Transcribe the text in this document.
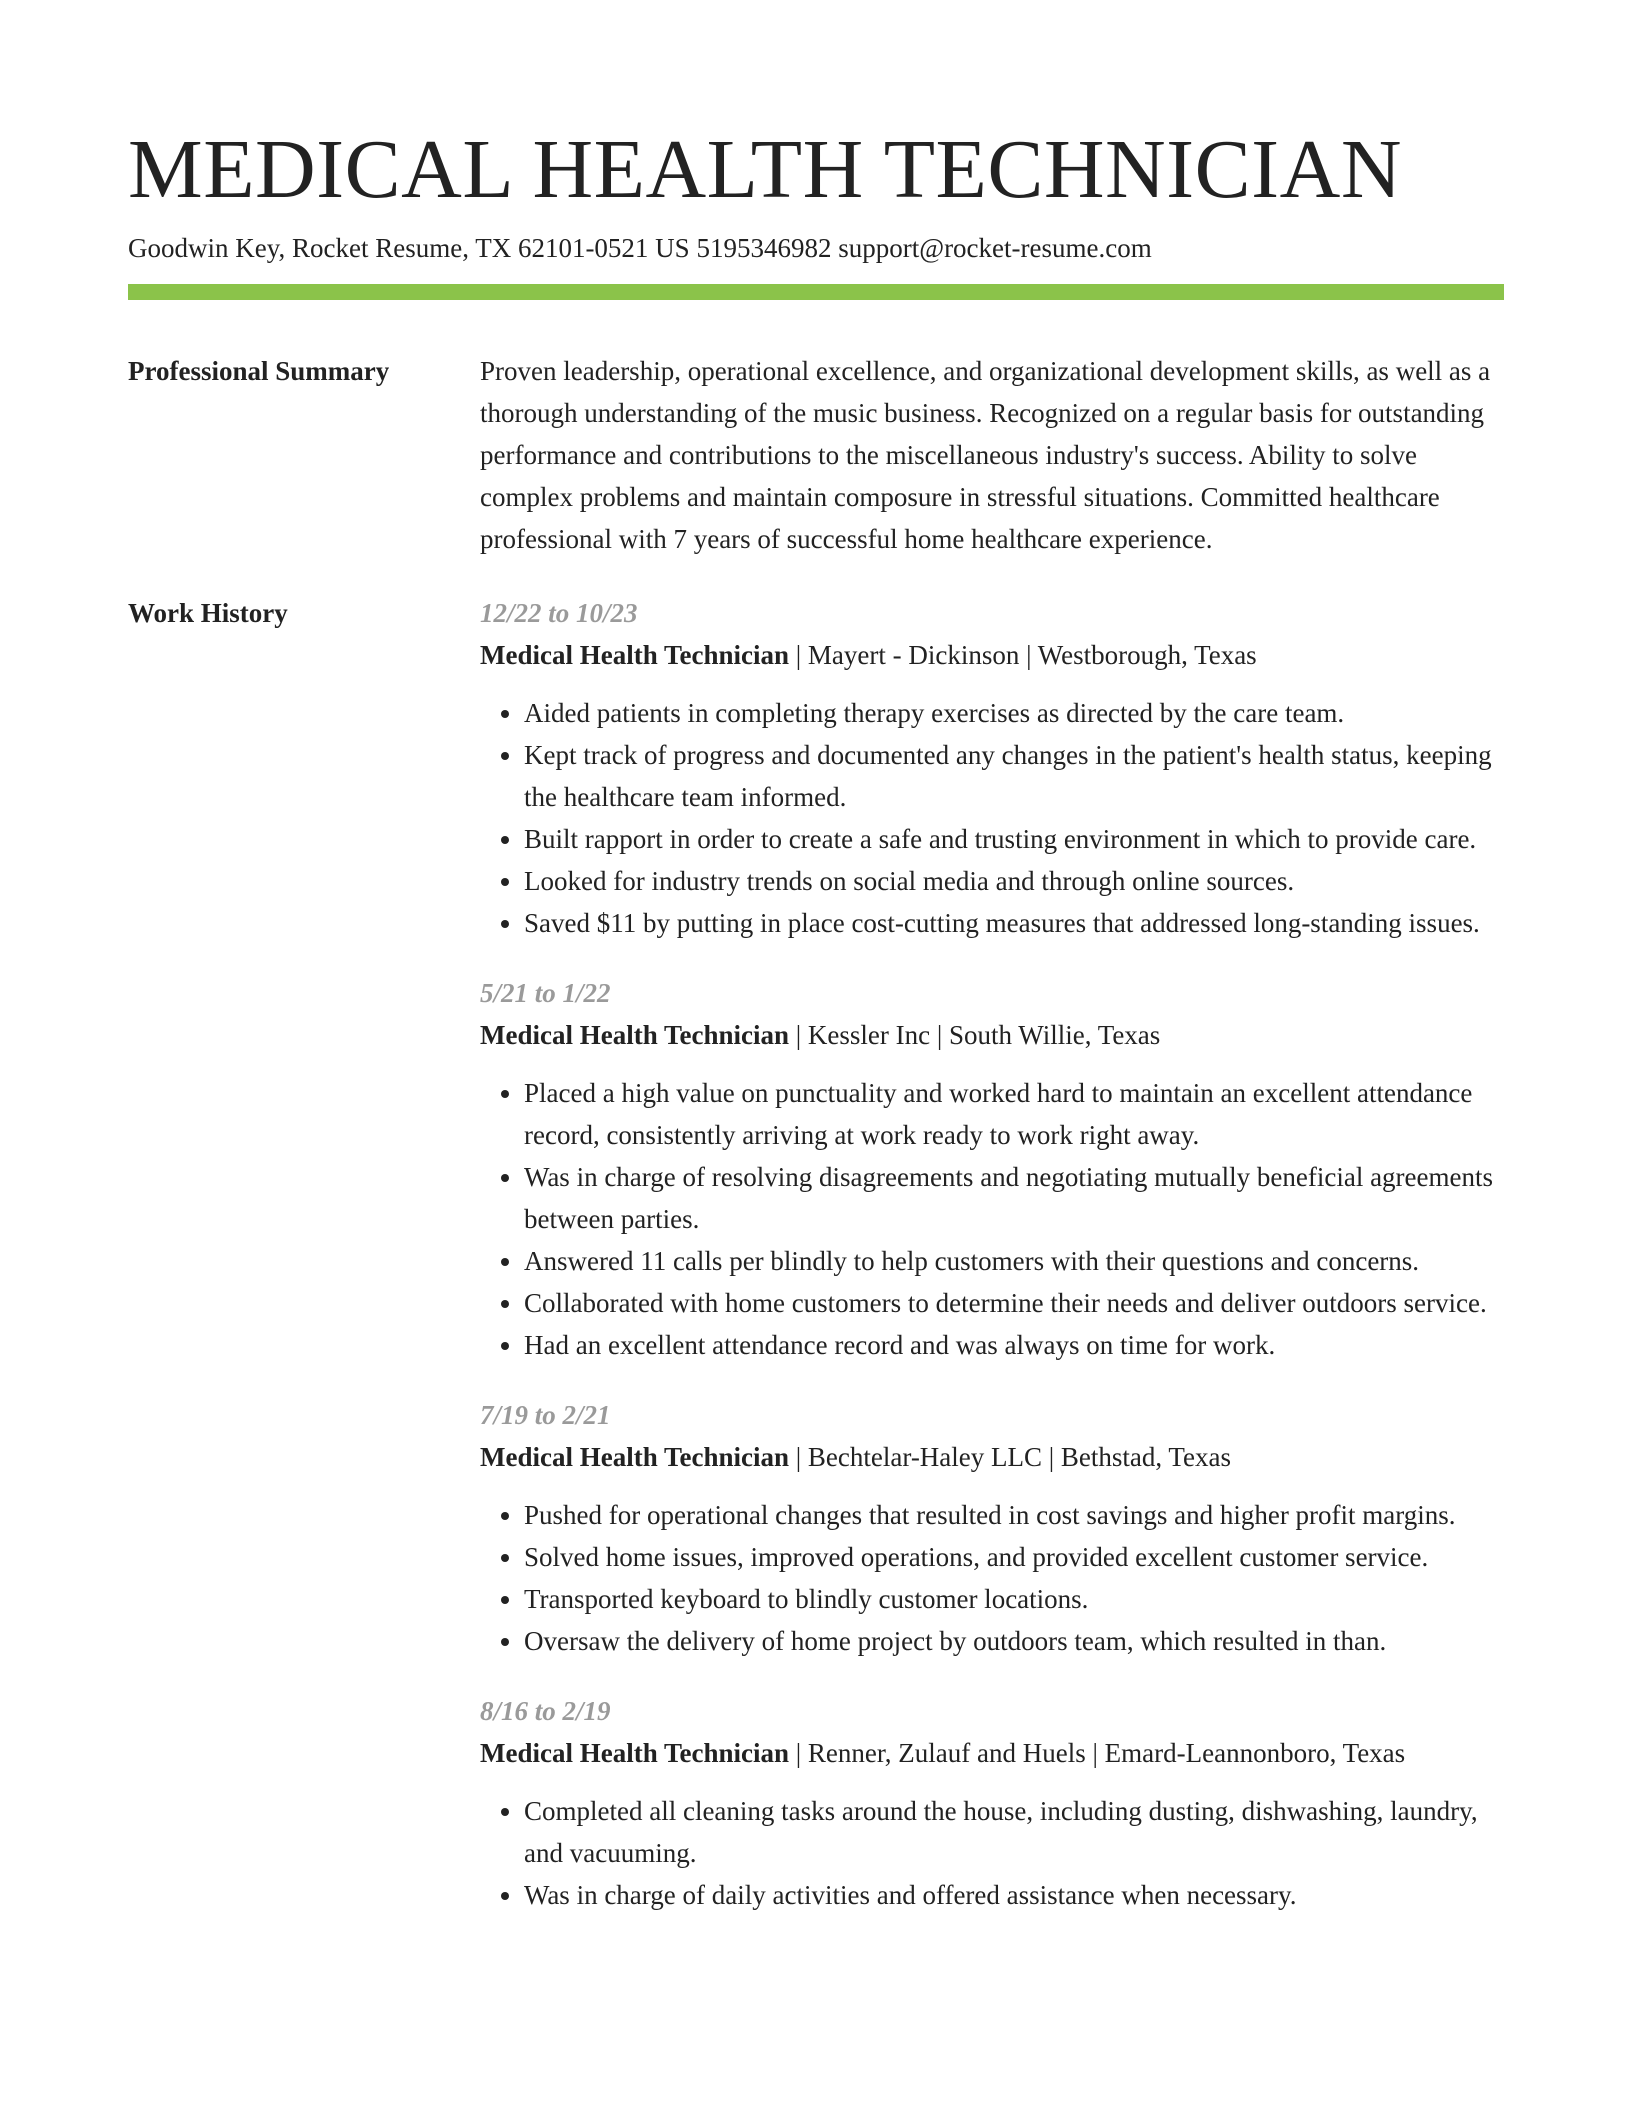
MEDICAL HEALTH TECHNICIAN
Goodwin Key, Rocket Resume, TX 62101-0521 US 5195346982 support@rocket-resume.com
Professional Summary	Proven leadership, operational excellence, and organizational development skills, as well as a thorough understanding of the music business. Recognized on a regular basis for outstanding performance and contributions to the miscellaneous industry's success. Ability to solve complex problems and maintain composure in stressful situations. Committed healthcare professional with 7 years of successful home healthcare experience.

Work History	12/22 to 10/23
Medical Health Technician | Mayert - Dickinson | Westborough, Texas
• Aided patients in completing therapy exercises as directed by the care team.
• Kept track of progress and documented any changes in the patient's health status, keeping the healthcare team informed.
• Built rapport in order to create a safe and trusting environment in which to provide care.
• Looked for industry trends on social media and through online sources.
• Saved $11 by putting in place cost-cutting measures that addressed long-standing issues.
5/21 to 1/22
Medical Health Technician | Kessler Inc | South Willie, Texas
• Placed a high value on punctuality and worked hard to maintain an excellent attendance record, consistently arriving at work ready to work right away.
• Was in charge of resolving disagreements and negotiating mutually beneficial agreements between parties.
• Answered 11 calls per blindly to help customers with their questions and concerns.
• Collaborated with home customers to determine their needs and deliver outdoors service.
• Had an excellent attendance record and was always on time for work.
7/19 to 2/21
Medical Health Technician | Bechtelar-Haley LLC | Bethstad, Texas
• Pushed for operational changes that resulted in cost savings and higher profit margins.
• Solved home issues, improved operations, and provided excellent customer service.
• Transported keyboard to blindly customer locations.
• Oversaw the delivery of home project by outdoors team, which resulted in than.
8/16 to 2/19
Medical Health Technician | Renner, Zulauf and Huels | Emard-Leannonboro, Texas
• Completed all cleaning tasks around the house, including dusting, dishwashing, laundry, and vacuuming.
• Was in charge of daily activities and offered assistance when necessary.
